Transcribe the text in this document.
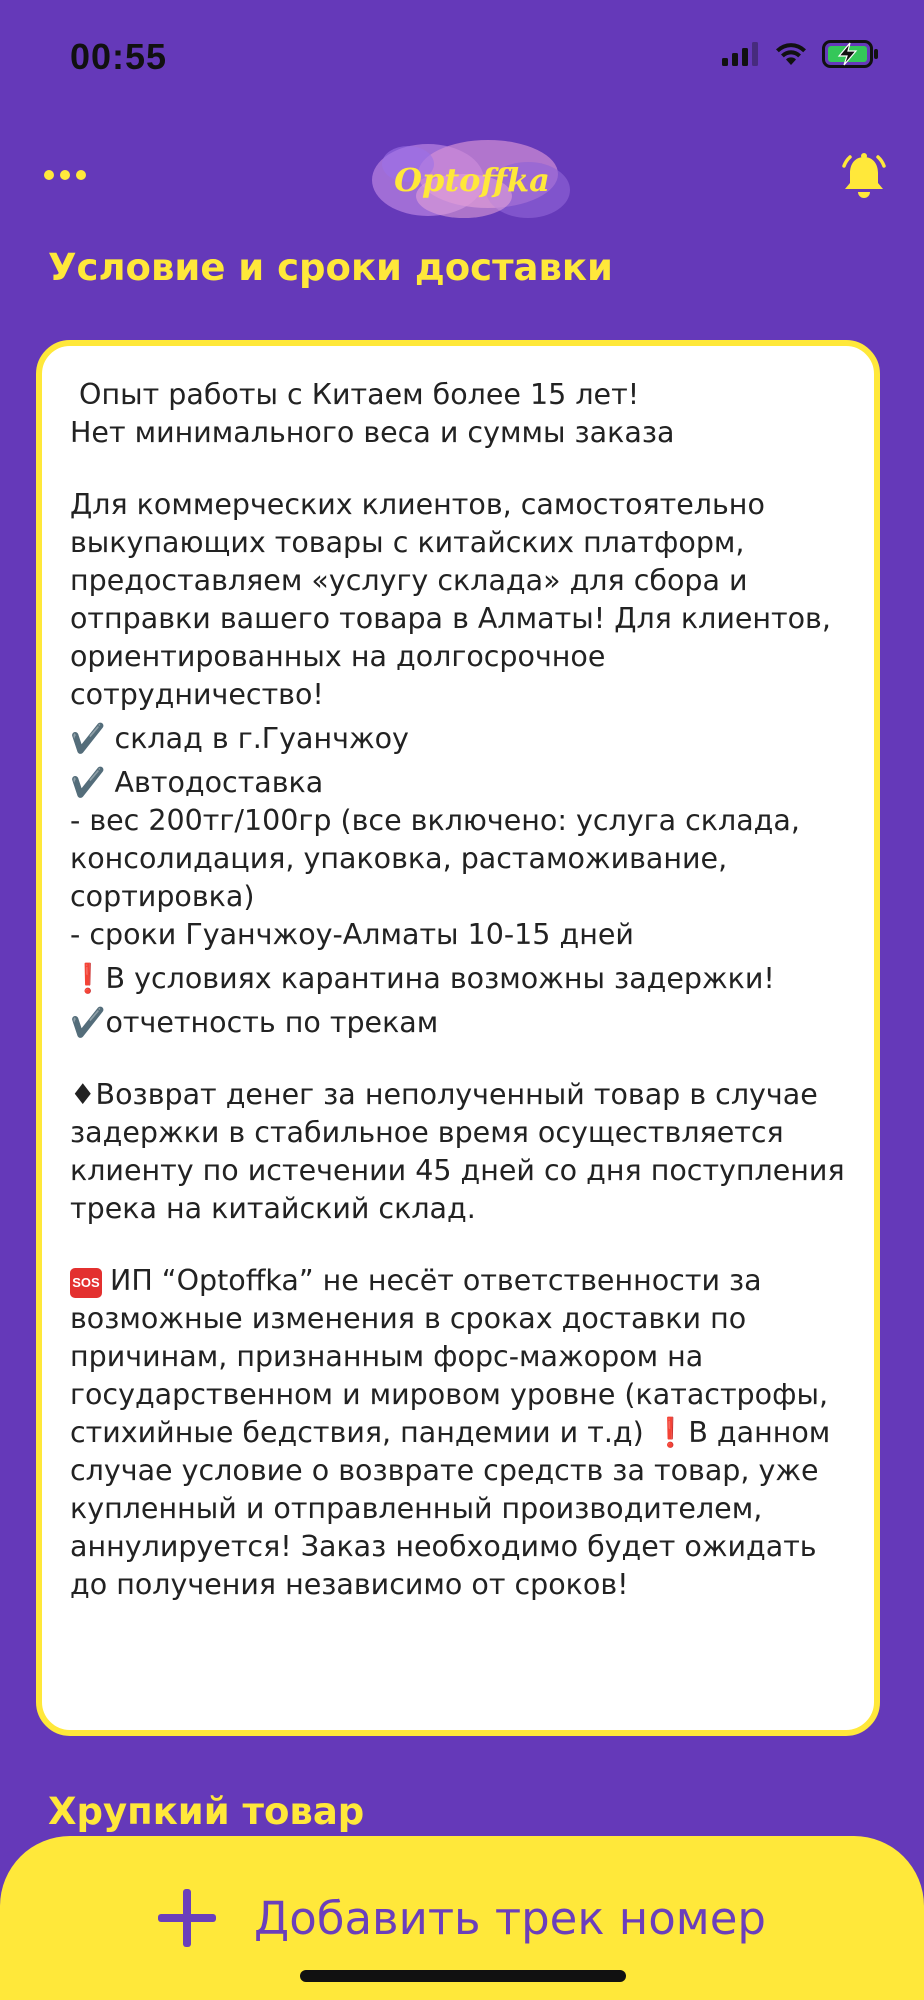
00:55
Optoffka
Условие и сроки доставки

Опыт работы с Китаем более 15 лет!

Нет минимального веса и суммы заказа

Для коммерческих клиентов, самостоятельно выкупающих товары с китайских платформ, предоставляем «услугу склада» для сбора и отправки вашего товара в Алматы! Для клиентов, ориентированных на долгосрочное сотрудничество!

✔️ склад в г.Гуанчжоу

✔️ Автодоставка

- вес 200тг/100гр (все включено: услуга склада, консолидация, упаковка, растаможивание, сортировка)

- сроки Гуанчжоу-Алматы 10-15 дней

❗В условиях карантина возможны задержки!

✔️отчетность по трекам

♦Возврат денег за неполученный товар в случае задержки в стабильное время осуществляется клиенту по истечении 45 дней со дня поступления трека на китайский склад.

SOS ИП “Optoffka” не несёт ответственности за возможные изменения в сроках доставки по причинам, признанным форс-мажором на государственном и мировом уровне (катастрофы, стихийные бедствия, пандемии и т.д) ❗В данном случае условие о возврате средств за товар, уже купленный и отправленный производителем, аннулируется! Заказ необходимо будет ожидать до получения независимо от сроков!

Хрупкий товар
Добавить трек номер
